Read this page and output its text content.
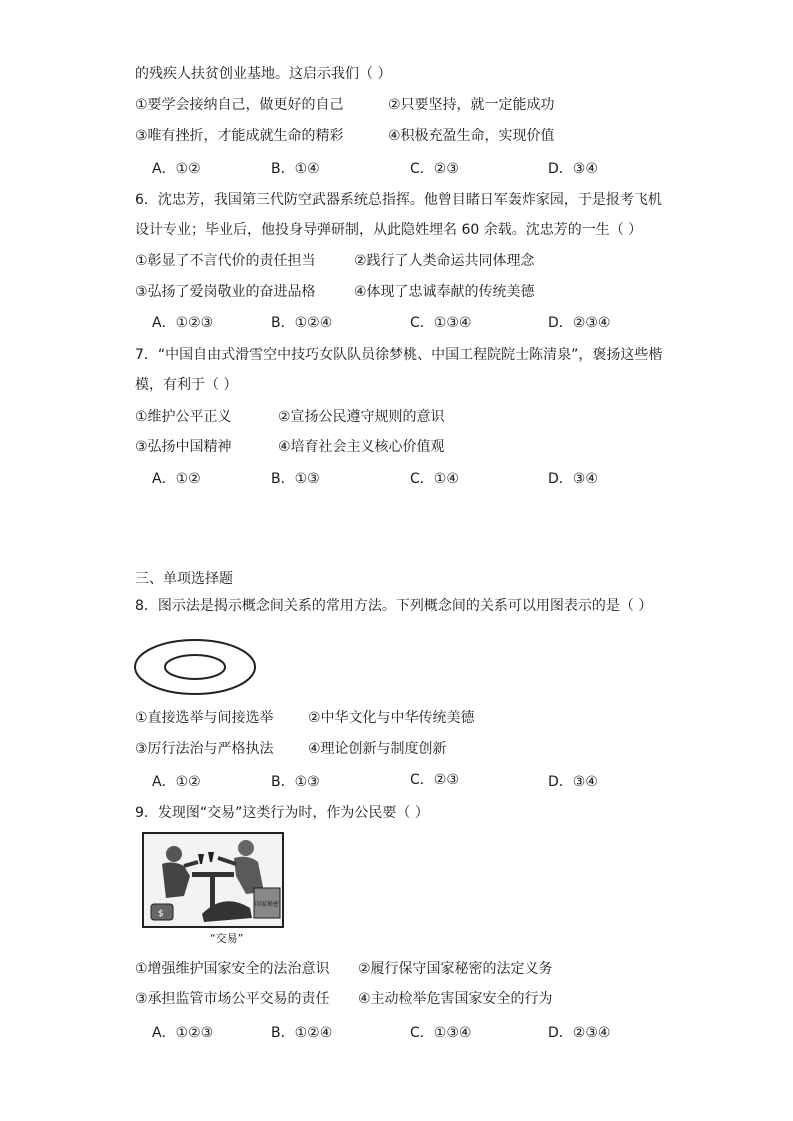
的残疾人扶贫创业基地。这启示我们（ ）
①要学会接纳自己，做更好的自己	②只要坚持，就一定能成功
③唯有挫折，才能成就生命的精彩	④积极充盈生命，实现价值
A．①②	B．①④	C．②③	D．③④
6．沈忠芳，我国第三代防空武器系统总指挥。他曾目睹日军轰炸家园，于是报考飞机
设计专业；毕业后，他投身导弹研制，从此隐姓埋名 60 余载。沈忠芳的一生（ ）
①彰显了不言代价的责任担当	②践行了人类命运共同体理念
③弘扬了爱岗敬业的奋进品格	④体现了忠诚奉献的传统美德
A．①②③	B．①②④	C．①③④	D．②③④
7．“中国自由式滑雪空中技巧女队队员徐梦桃、中国工程院院士陈清泉”，褒扬这些楷
模，有利于（ ）
①维护公平正义	②宣扬公民遵守规则的意识
③弘扬中国精神	④培育社会主义核心价值观
A．①②	B．①③	C．①④	D．③④
三、单项选择题
8．图示法是揭示概念间关系的常用方法。下列概念间的关系可以用图表示的是（ ）
①直接选举与间接选举 ②中华文化与中华传统美德
③厉行法治与严格执法 ④理论创新与制度创新
A．①②	B．①③	C．②③	D．③④
9．发现图“交易”这类行为时，作为公民要（ ）
$
国家秘密
“交易”
①增强维护国家安全的法治意识 ②履行保守国家秘密的法定义务
③承担监管市场公平交易的责任 ④主动检举危害国家安全的行为
A．①②③	B．①②④	C．①③④	D．②③④
